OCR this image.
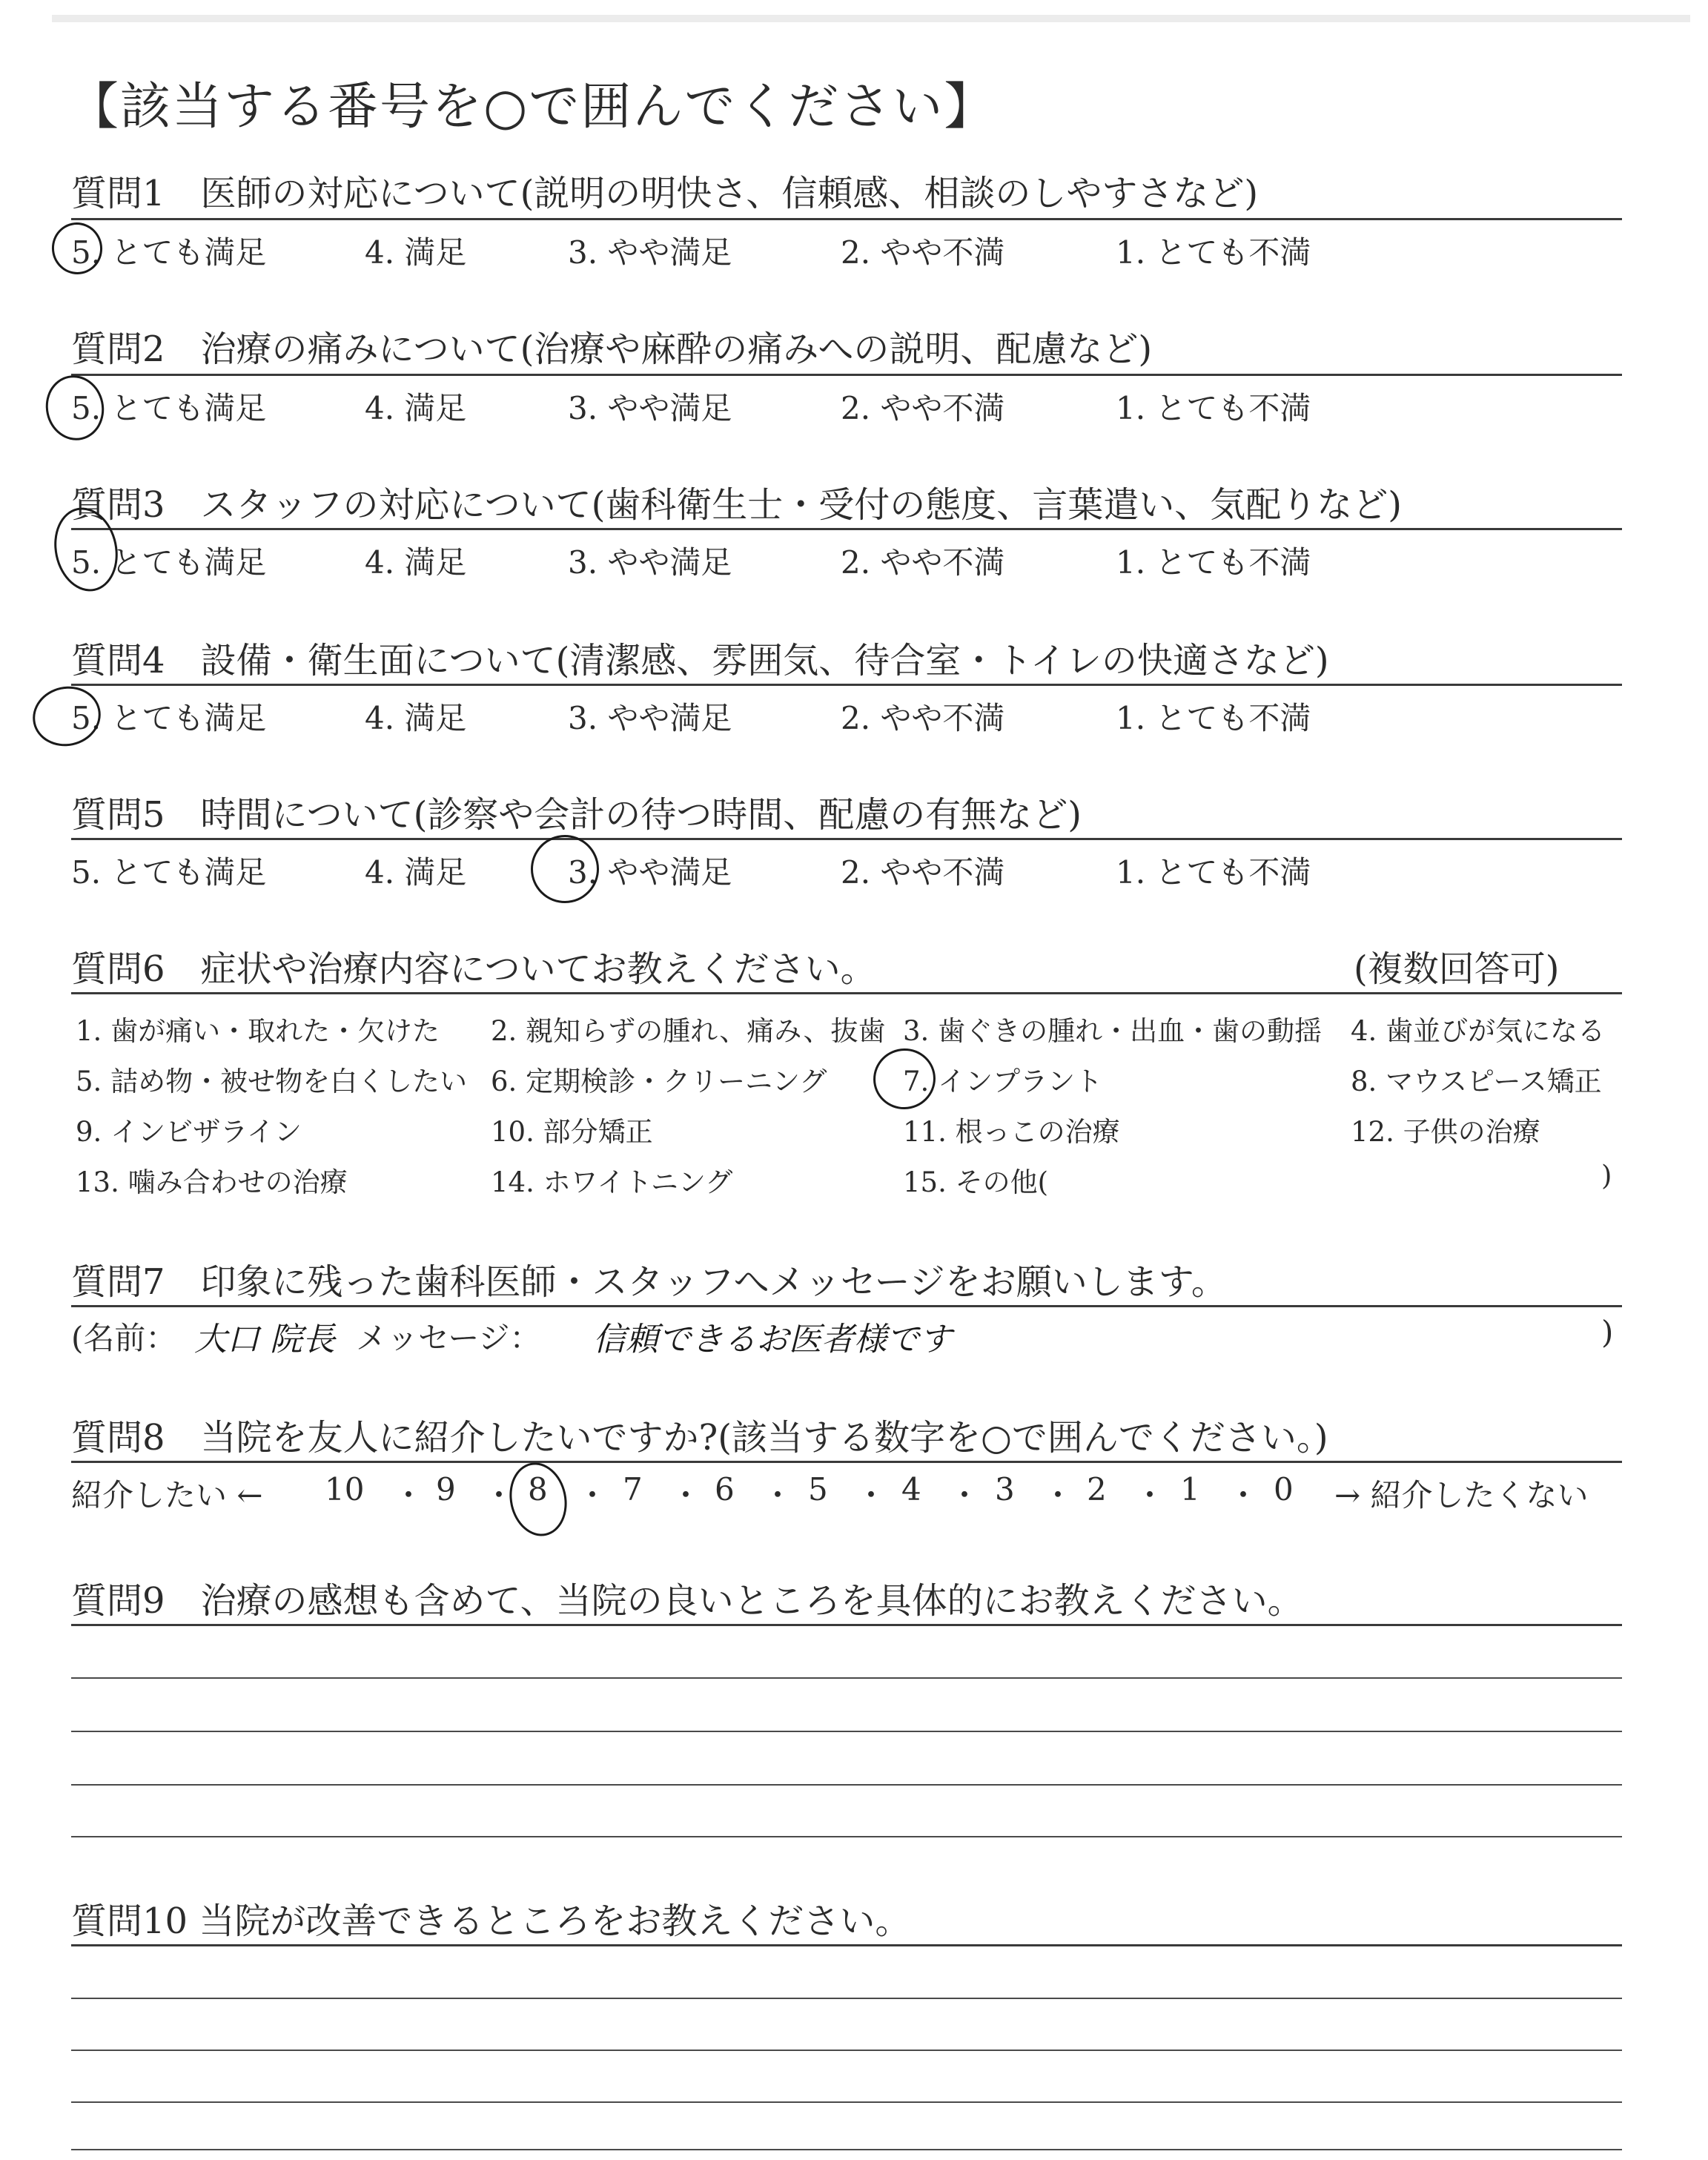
【該当する番号を○で囲んでください】
質問1　医師の対応について(説明の明快さ、信頼感、相談のしやすさなど)
5. とても満足	4. 満足	3. やや満足	2. やや不満	1. とても不満
質問2　治療の痛みについて(治療や麻酔の痛みへの説明、配慮など)
5. とても満足	4. 満足	3. やや満足	2. やや不満	1. とても不満
質問3　スタッフの対応について(歯科衛生士・受付の態度、言葉遣い、気配りなど)
5. とても満足	4. 満足	3. やや満足	2. やや不満	1. とても不満
質問4　設備・衛生面について(清潔感、雰囲気、待合室・トイレの快適さなど)
5. とても満足	4. 満足	3. やや満足	2. やや不満	1. とても不満
質問5　時間について(診察や会計の待つ時間、配慮の有無など)
5. とても満足	4. 満足	3. やや満足	2. やや不満	1. とても不満
質問6　症状や治療内容についてお教えください。	(複数回答可)
1. 歯が痛い・取れた・欠けた 2. 親知らずの腫れ、痛み、抜歯 3. 歯ぐきの腫れ・出血・歯の動揺 4. 歯並びが気になる
5. 詰め物・被せ物を白くしたい 6. 定期検診・クリーニング	7. インプラント	8. マウスピース矯正
9. インビザライン	10. 部分矯正	11. 根っこの治療	12. 子供の治療
13. 噛み合わせの治療	14. ホワイトニング	15. その他(	)
質問7　印象に残った歯科医師・スタッフへメッセージをお願いします。
(名前： 大口 院長 メッセージ： 信頼できるお医者様です	)
質問8　当院を友人に紹介したいですか?(該当する数字を○で囲んでください。)
紹介したい ← 10 ・ 9 ・ 8 ・ 7 ・ 6 ・ 5 ・ 4 ・ 3 ・ 2 ・ 1 ・ 0 → 紹介したくない
質問9　治療の感想も含めて、当院の良いところを具体的にお教えください。
質問10 当院が改善できるところをお教えください。
